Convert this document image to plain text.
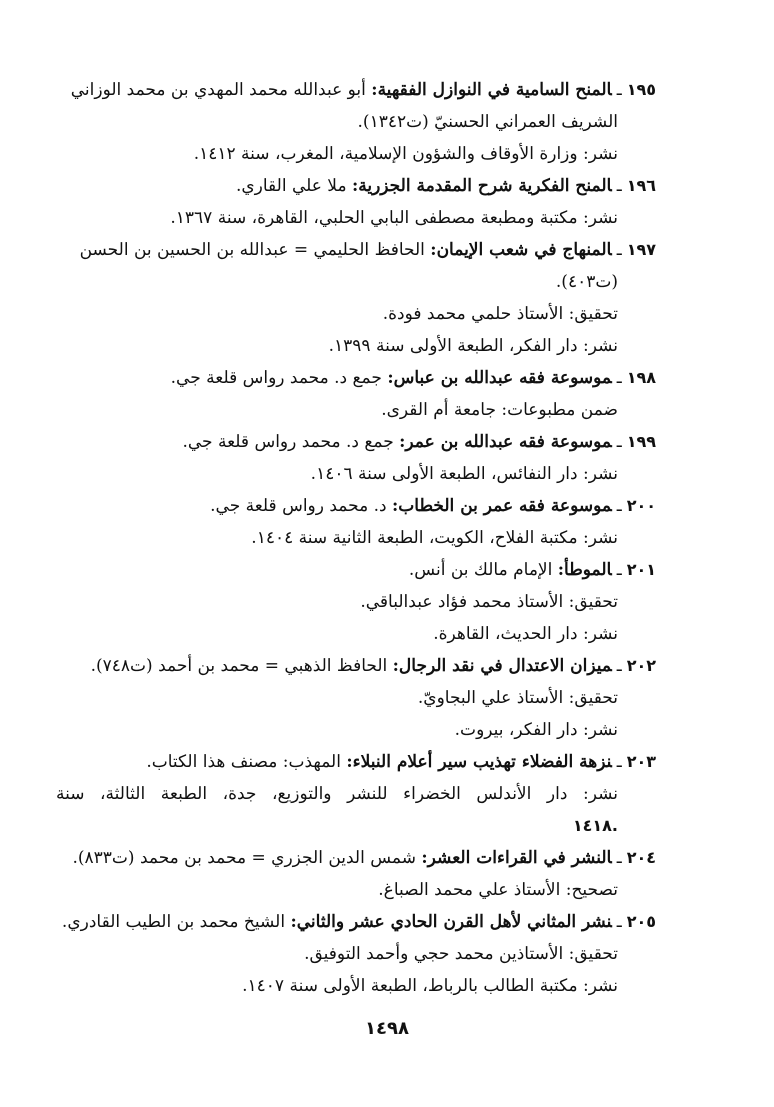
١٩٥ـالمنح السامية في النوازل الفقهية: أبو عبدالله محمد المهدي بن محمد الوزاني
الشريف العمراني الحسنيّ (ت١٣٤٢).
نشر: وزارة الأوقاف والشؤون الإسلامية، المغرب، سنة ١٤١٢.
١٩٦ـالمنح الفكرية شرح المقدمة الجزرية: ملا علي القاري.
نشر: مكتبة ومطبعة مصطفى البابي الحلبي، القاهرة، سنة ١٣٦٧.
١٩٧ـالمنهاج في شعب الإيمان: الحافظ الحليمي = عبدالله بن الحسين بن الحسن
(ت٤٠٣).
تحقيق: الأستاذ حلمي محمد فودة.
نشر: دار الفكر، الطبعة الأولى سنة ١٣٩٩.
١٩٨ـموسوعة فقه عبدالله بن عباس: جمع د. محمد رواس قلعة جي.
ضمن مطبوعات: جامعة أم القرى.
١٩٩ـموسوعة فقه عبدالله بن عمر: جمع د. محمد رواس قلعة جي.
نشر: دار النفائس، الطبعة الأولى سنة ١٤٠٦.
٢٠٠ـموسوعة فقه عمر بن الخطاب: د. محمد رواس قلعة جي.
نشر: مكتبة الفلاح، الكويت، الطبعة الثانية سنة ١٤٠٤.
٢٠١ـالموطأ: الإمام مالك بن أنس.
تحقيق: الأستاذ محمد فؤاد عبدالباقي.
نشر: دار الحديث، القاهرة.
٢٠٢ـميزان الاعتدال في نقد الرجال: الحافظ الذهبي = محمد بن أحمد (ت٧٤٨).
تحقيق: الأستاذ علي البجاويّ.
نشر: دار الفكر، بيروت.
٢٠٣ـنزهة الفضلاء تهذيب سير أعلام النبلاء: المهذب: مصنف هذا الكتاب.
نشر: دار الأندلس الخضراء للنشر والتوزيع، جدة، الطبعة الثالثة، سنة
١٤١٨.
٢٠٤ـالنشر في القراءات العشر: شمس الدين الجزري = محمد بن محمد (ت٨٣٣).
تصحيح: الأستاذ علي محمد الصباغ.
٢٠٥ـنشر المثاني لأهل القرن الحادي عشر والثاني: الشيخ محمد بن الطيب القادري.
تحقيق: الأستاذين محمد حجي وأحمد التوفيق.
نشر: مكتبة الطالب بالرباط، الطبعة الأولى سنة ١٤٠٧.
١٤٩٨
